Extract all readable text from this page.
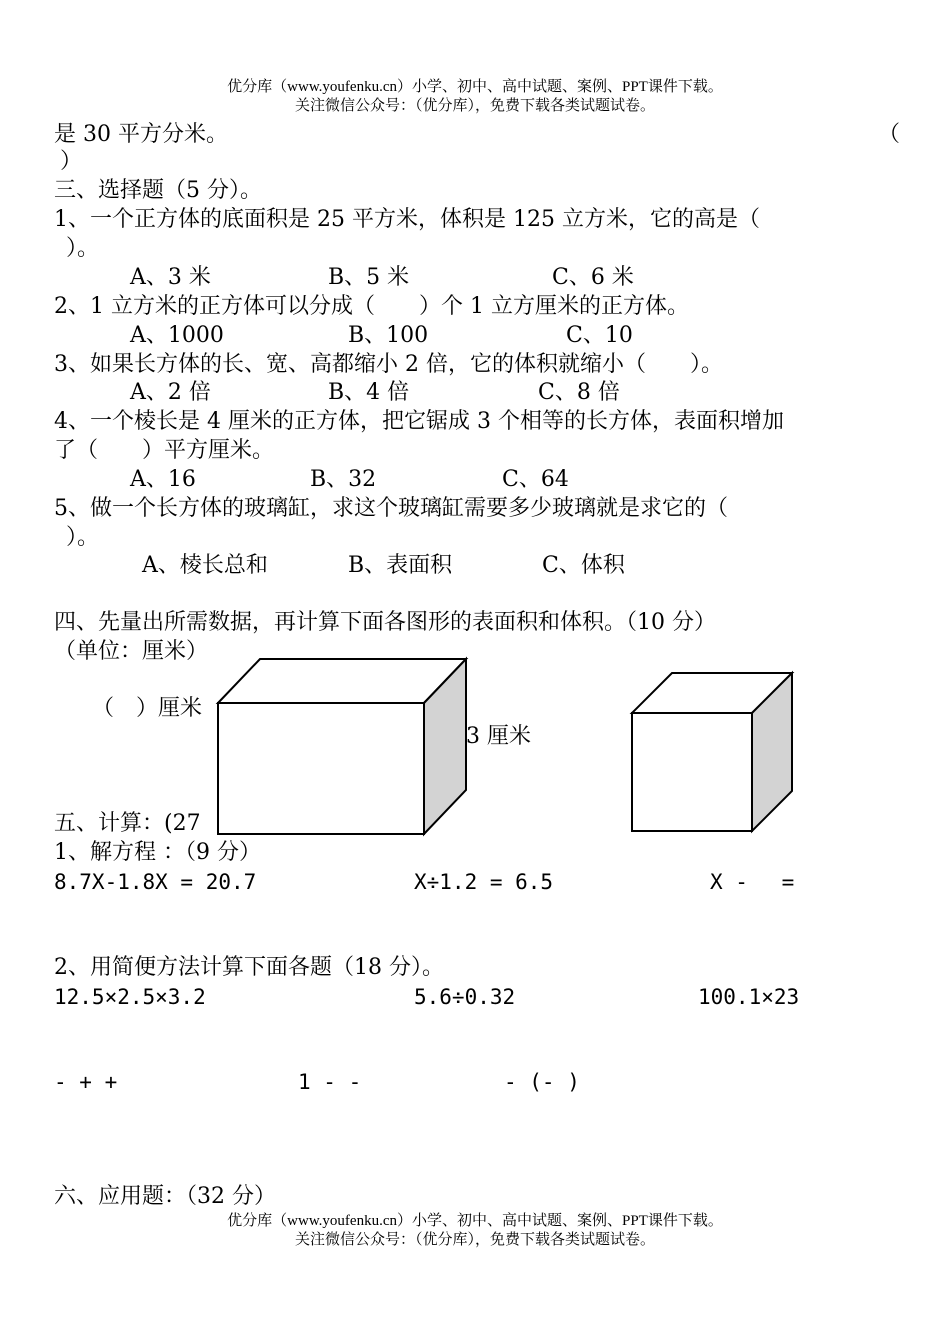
优分库（www.youfenku.cn）小学、初中、高中试题、案例、PPT课件下载。
关注微信公众号：（优分库），免费下载各类试题试卷。
是 30 平方分米。	（
）
三、选择题（5 分）。
1、一个正方体的底面积是 25 平方米，体积是 125 立方米，它的高是（
）。
A、3 米	B、5 米	C、6 米
2、1 立方米的正方体可以分成（　　）个 1 立方厘米的正方体。
A、1000	B、100	C、10
3、如果长方体的长、宽、高都缩小 2 倍，它的体积就缩小（　　）。
A、2 倍	B、4 倍	C、8 倍
4、一个棱长是 4 厘米的正方体，把它锯成 3 个相等的长方体，表面积增加
了（　　）平方厘米。
A、16	B、32	C、64
5、做一个长方体的玻璃缸，求这个玻璃缸需要多少玻璃就是求它的（
）。
A、棱长总和	B、表面积	C、体积
四、先量出所需数据，再计算下面各图形的表面积和体积。（10 分）
（单位：厘米）
（　）厘米
3 厘米
五、计算：(27
1、解方程 ：（9 分）
8.7X-1.8X = 20.7	X÷1.2 = 6.5	X -　 =
2、用简便方法计算下面各题（18 分）。
12.5×2.5×3.2	5.6÷0.32	100.1×23
- + +	1 - -	- (- )
六、应用题：（32 分）
优分库（www.youfenku.cn）小学、初中、高中试题、案例、PPT课件下载。
关注微信公众号：（优分库），免费下载各类试题试卷。
